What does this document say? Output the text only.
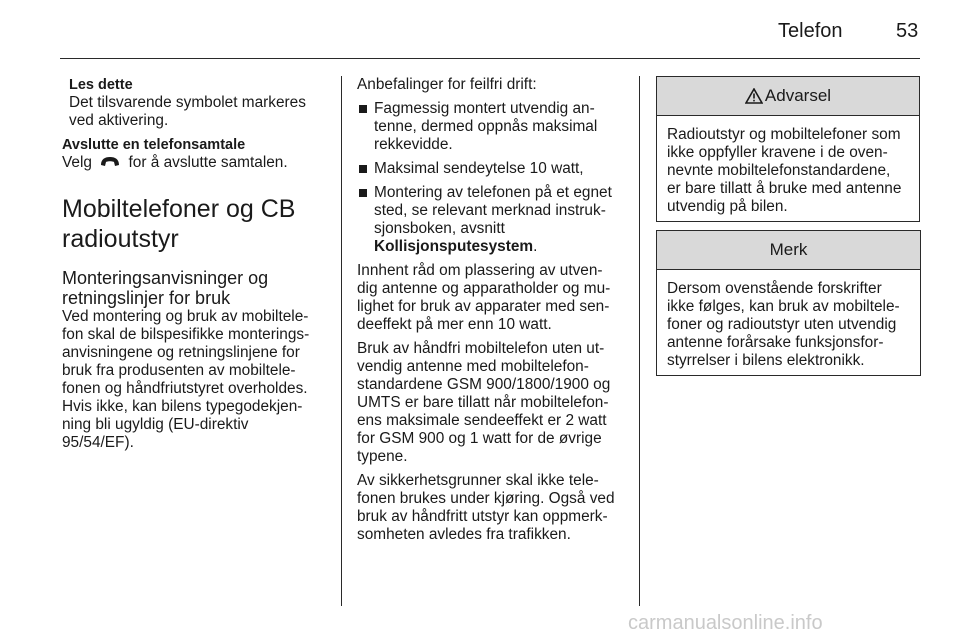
Telefon	53
Les dette
Det tilsvarende symbolet markeres
ved aktivering.
Avslutte en telefonsamtale
Velg for å avslutte samtalen.
Mobiltelefoner og CB
radioutstyr
Monteringsanvisninger og
retningslinjer for bruk
Ved montering og bruk av mobiltele-
fon skal de bilspesifikke monterings-
anvisningene og retningslinjene for
bruk fra produsenten av mobiltele-
fonen og håndfriutstyret overholdes.
Hvis ikke, kan bilens typegodekjen-
ning bli ugyldig (EU-direktiv
95/54/EF).
Anbefalinger for feilfri drift:
Fagmessig montert utvendig an-
tenne, dermed oppnås maksimal
rekkevidde.
Maksimal sendeytelse 10 watt,
Montering av telefonen på et egnet
sted, se relevant merknad instruk-
sjonsboken, avsnitt
Kollisjonsputesystem.
Innhent råd om plassering av utven-
dig antenne og apparatholder og mu-
lighet for bruk av apparater med sen-
deeffekt på mer enn 10 watt.
Bruk av håndfri mobiltelefon uten ut-
vendig antenne med mobiltelefon-
standardene GSM 900/1800/1900 og
UMTS er bare tillatt når mobiltelefon-
ens maksimale sendeeffekt er 2 watt
for GSM 900 og 1 watt for de øvrige
typene.
Av sikkerhetsgrunner skal ikke tele-
fonen brukes under kjøring. Også ved
bruk av håndfritt utstyr kan oppmerk-
somheten avledes fra trafikken.
Advarsel
Radioutstyr og mobiltelefoner som
ikke oppfyller kravene i de oven-
nevnte mobiltelefonstandardene,
er bare tillatt å bruke med antenne
utvendig på bilen.
Merk
Dersom ovenstående forskrifter
ikke følges, kan bruk av mobiltele-
foner og radioutstyr uten utvendig
antenne forårsake funksjonsfor-
styrrelser i bilens elektronikk.
carmanualsonline.info
